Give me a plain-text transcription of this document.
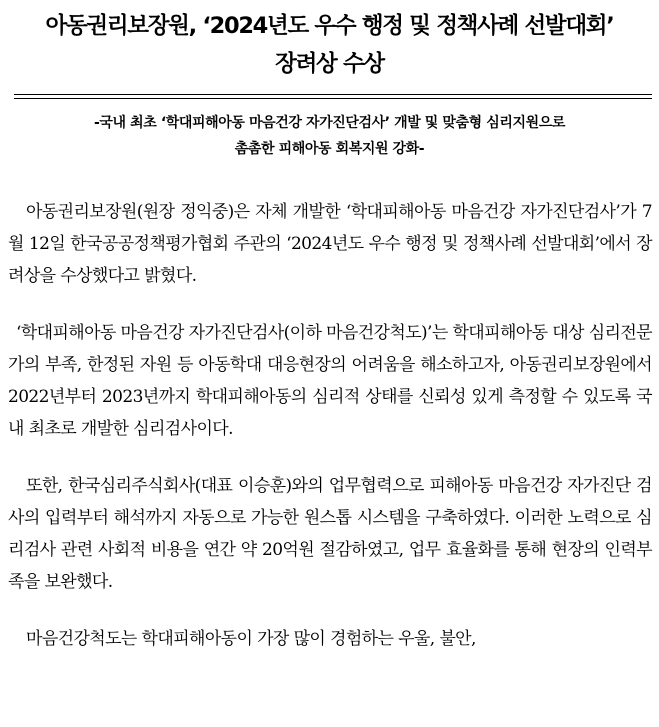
아동권리보장원, ‘2024년도 우수 행정 및 정책사례 선발대회’
장려상 수상
-국내 최초 ‘학대피해아동 마음건강 자가진단검사’ 개발 및 맞춤형 심리지원으로
촘촘한 피해아동 회복지원 강화-

아동권리보장원(원장 정익중)은 자체 개발한 ‘학대피해아동 마음건강 자가진단검사’가 7월 12일 한국공공정책평가협회 주관의 ‘2024년도 우수 행정 및 정책사례 선발대회’에서 장려상을 수상했다고 밝혔다.

‘학대피해아동 마음건강 자가진단검사(이하 마음건강척도)’는 학대피해아동 대상 심리전문가의 부족, 한정된 자원 등 아동학대 대응현장의 어려움을 해소하고자, 아동권리보장원에서 2022년부터 2023년까지 학대피해아동의 심리적 상태를 신뢰성 있게 측정할 수 있도록 국내 최초로 개발한 심리검사이다.

또한, 한국심리주식회사(대표 이승훈)와의 업무협력으로 피해아동 마음건강 자가진단 검사의 입력부터 해석까지 자동으로 가능한 원스톱 시스템을 구축하였다. 이러한 노력으로 심리검사 관련 사회적 비용을 연간 약 20억원 절감하였고, 업무 효율화를 통해 현장의 인력부족을 보완했다.

마음건강척도는 학대피해아동이 가장 많이 경험하는 우울, 불안,
